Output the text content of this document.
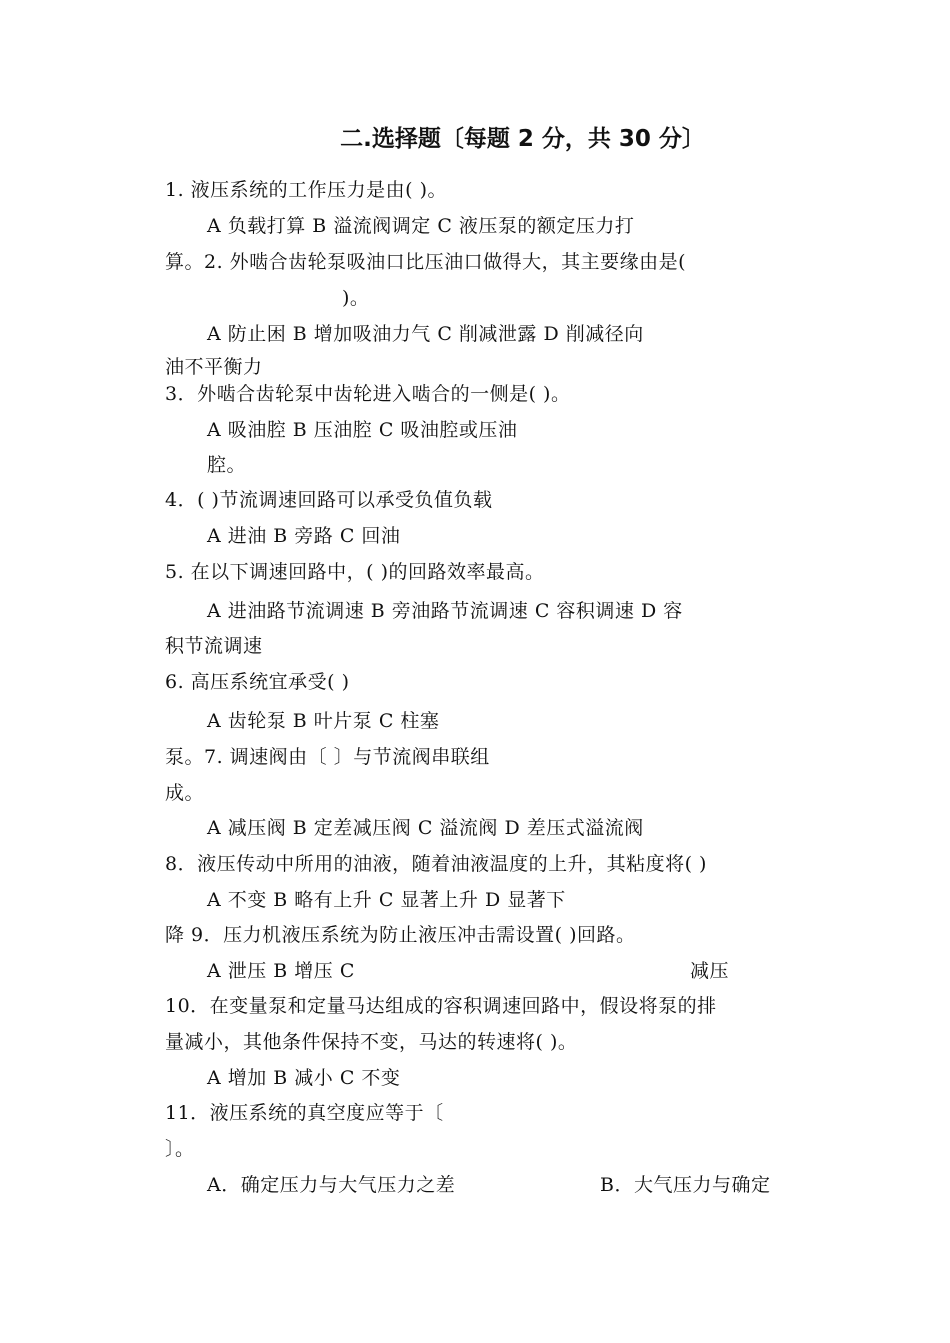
二.选择题〔每题 2 分，共 30 分〕
1. 液压系统的工作压力是由( )。
A 负载打算 B 溢流阀调定 C 液压泵的额定压力打
算。2. 外啮合齿轮泵吸油口比压油口做得大，其主要缘由是(
)。
A 防止困 B 增加吸油力气 C 削减泄露 D 削减径向
油不平衡力
3．外啮合齿轮泵中齿轮进入啮合的一侧是( )。
A 吸油腔 B 压油腔 C 吸油腔或压油
腔。
4．( )节流调速回路可以承受负值负载
A 进油 B 旁路 C 回油
5. 在以下调速回路中，( )的回路效率最高。
A 进油路节流调速 B 旁油路节流调速 C 容积调速 D 容
积节流调速
6. 高压系统宜承受( )
A 齿轮泵 B 叶片泵 C 柱塞
泵。7. 调速阀由〔 〕与节流阀串联组
成。
A 减压阀 B 定差减压阀 C 溢流阀 D 差压式溢流阀
8．液压传动中所用的油液，随着油液温度的上升，其粘度将( )
A 不变 B 略有上升 C 显著上升 D 显著下
降 9．压力机液压系统为防止液压冲击需设置( )回路。
A 泄压 B 增压 C	减压
10．在变量泵和定量马达组成的容积调速回路中，假设将泵的排
量减小，其他条件保持不变，马达的转速将( )。
A 增加 B 减小 C 不变
11．液压系统的真空度应等于〔
〕。
A．确定压力与大气压力之差	B．大气压力与确定
